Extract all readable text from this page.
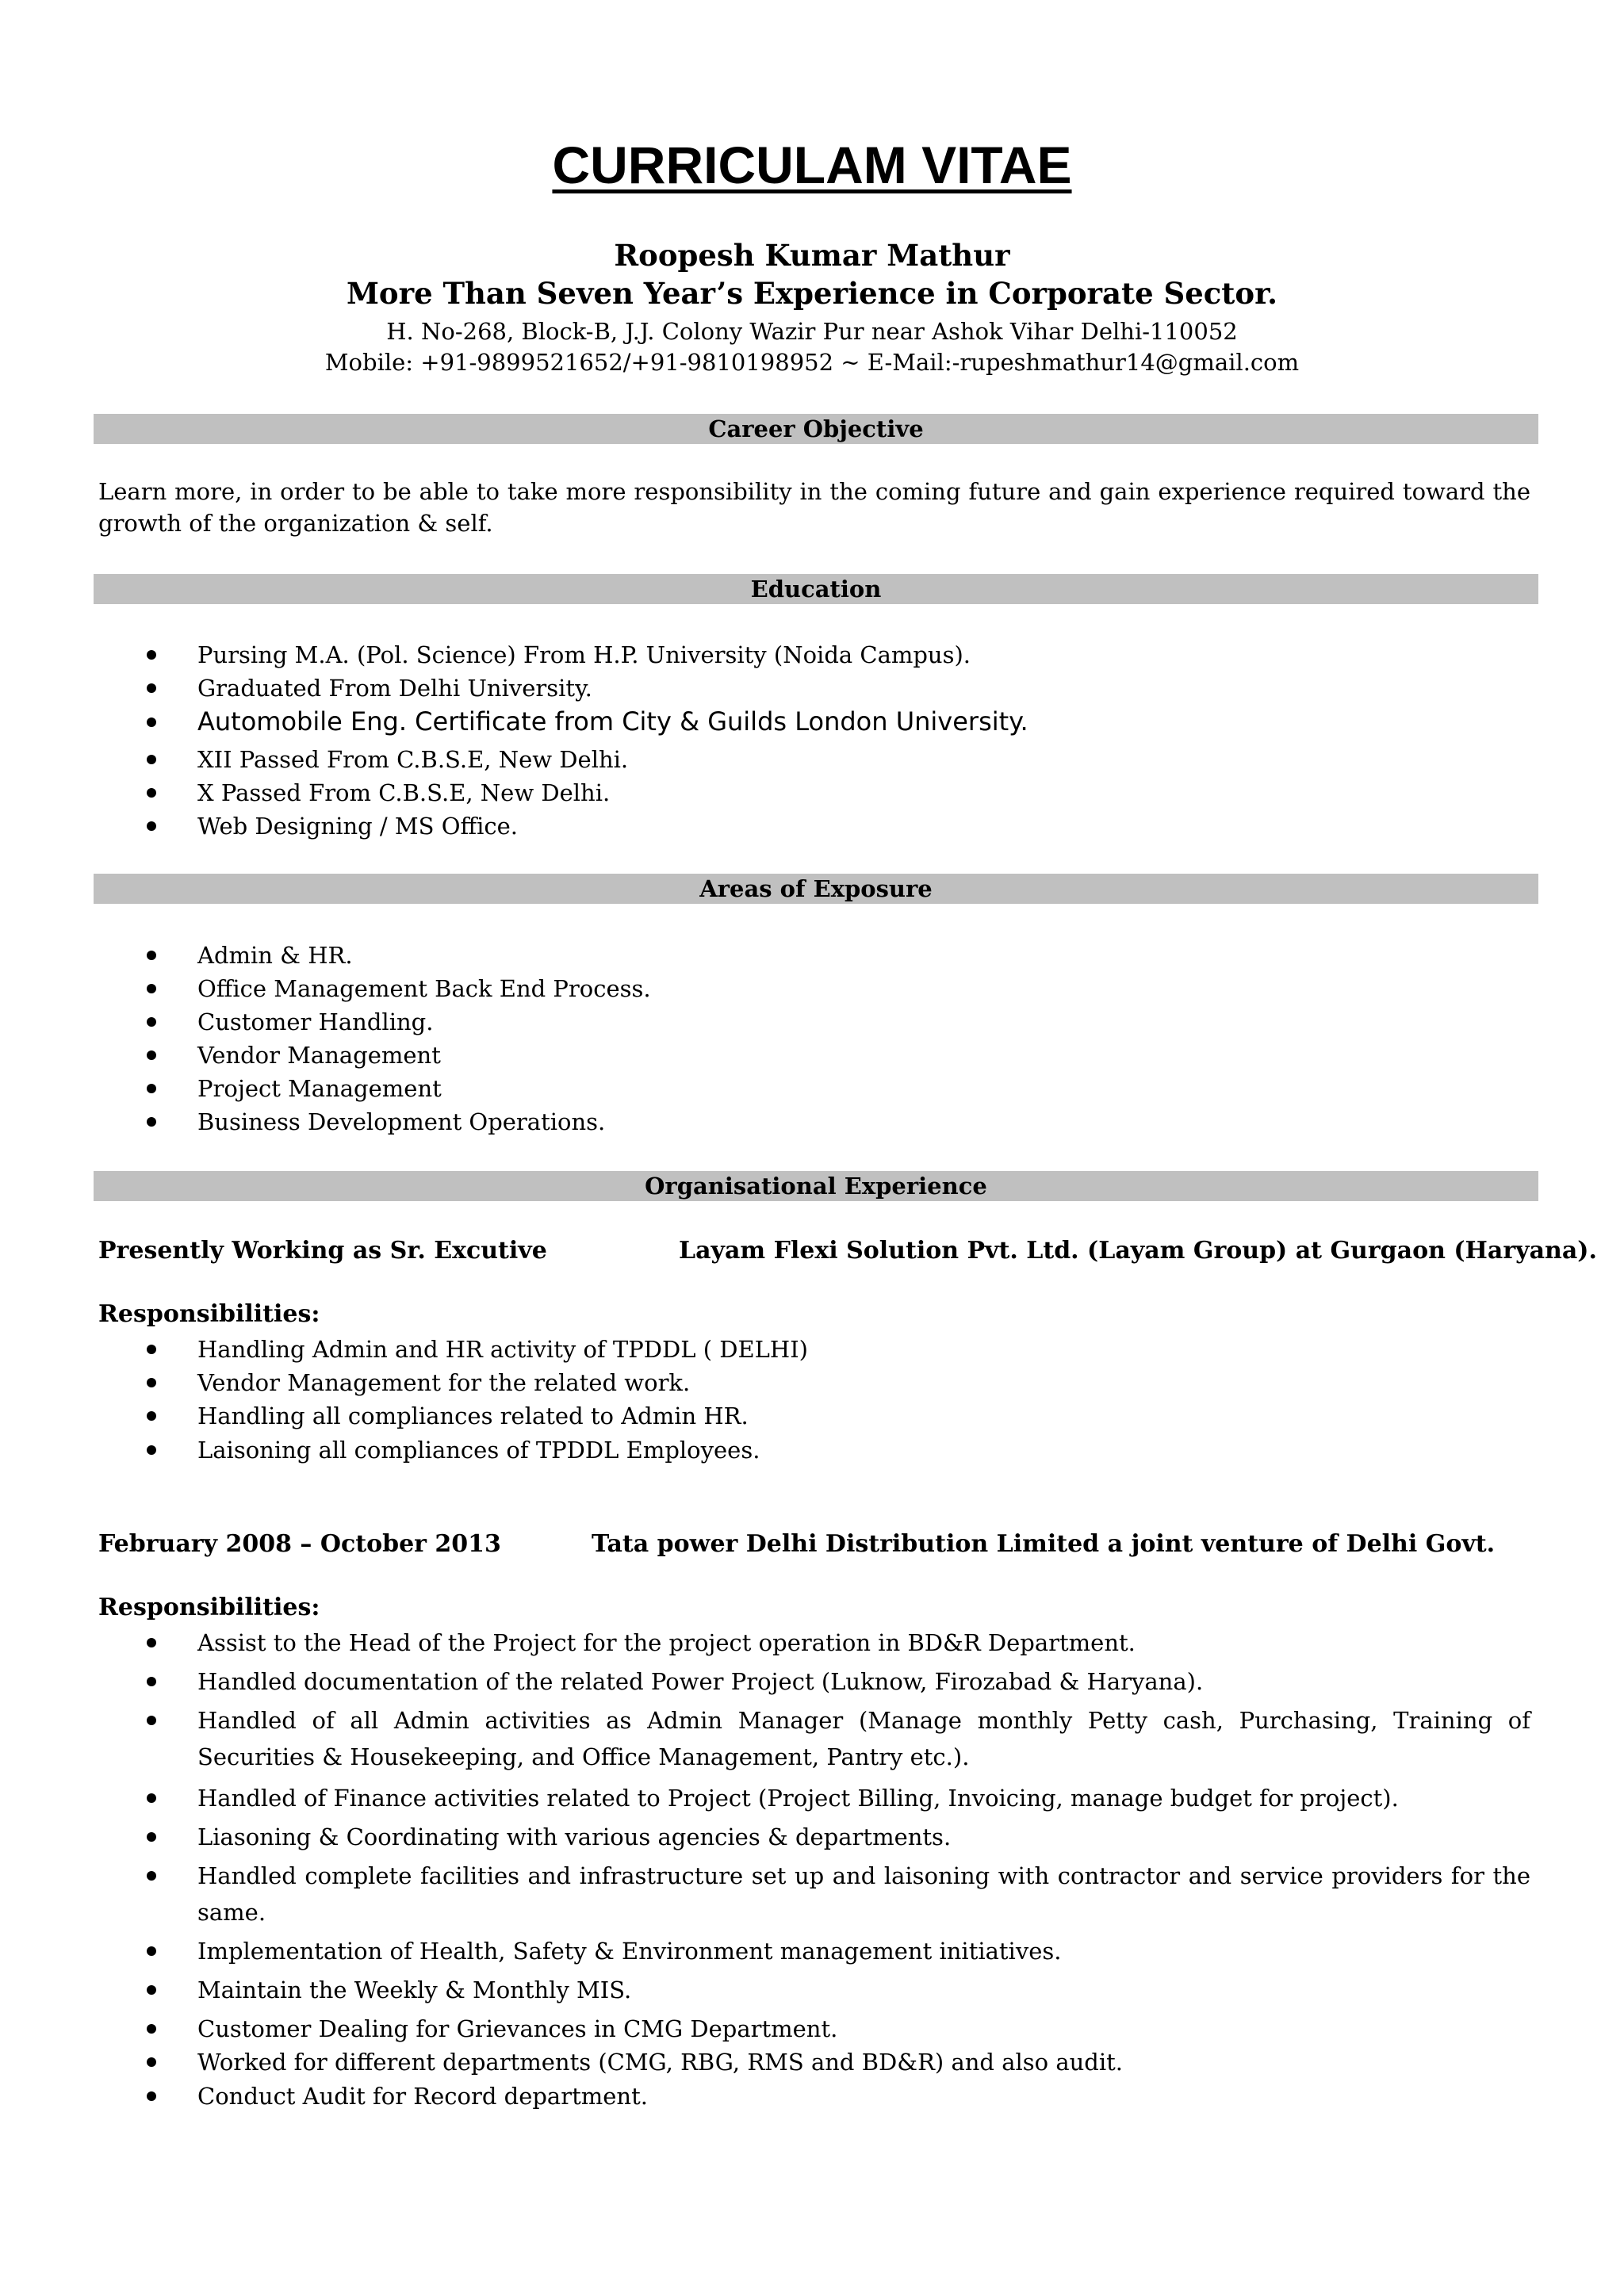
CURRICULAM VITAE
Roopesh Kumar Mathur
More Than Seven Year’s Experience in Corporate Sector.
H. No-268, Block-B, J.J. Colony Wazir Pur near Ashok Vihar Delhi-110052
Mobile: +91-9899521652/+91-9810198952 ~ E-Mail:-rupeshmathur14@gmail.com
Career Objective
Learn more, in order to be able to take more responsibility in the coming future and gain experience required toward the growth of the organization & self.
Education
Pursing M.A. (Pol. Science) From H.P. University (Noida Campus).
Graduated From Delhi University.
Automobile Eng. Certificate from City & Guilds London University.
XII Passed From C.B.S.E, New Delhi.
X Passed From C.B.S.E, New Delhi.
Web Designing / MS Office.
Areas of Exposure
Admin & HR.
Office Management Back End Process.
Customer Handling.
Vendor Management
Project Management
Business Development Operations.
Organisational Experience
Presently Working as Sr. Excutive	Layam Flexi Solution Pvt. Ltd. (Layam Group) at Gurgaon (Haryana).
Responsibilities:
Handling Admin and HR activity of TPDDL ( DELHI)
Vendor Management for the related work.
Handling all compliances related to Admin HR.
Laisoning all compliances of TPDDL Employees.
February 2008 – October 2013	Tata power Delhi Distribution Limited a joint venture of Delhi Govt.
Responsibilities:
Assist to the Head of the Project for the project operation in BD&R Department.
Handled documentation of the related Power Project (Luknow, Firozabad & Haryana).
Handled of all Admin activities as Admin Manager (Manage monthly Petty cash, Purchasing, Training of Securities & Housekeeping, and Office Management, Pantry etc.).
Handled of Finance activities related to Project (Project Billing, Invoicing, manage budget for project).
Liasoning & Coordinating with various agencies & departments.
Handled complete facilities and infrastructure set up and laisoning with contractor and service providers for the same.
Implementation of Health, Safety & Environment management initiatives.
Maintain the Weekly & Monthly MIS.
Customer Dealing for Grievances in CMG Department.
Worked for different departments (CMG, RBG, RMS and BD&R) and also audit.
Conduct Audit for Record department.
